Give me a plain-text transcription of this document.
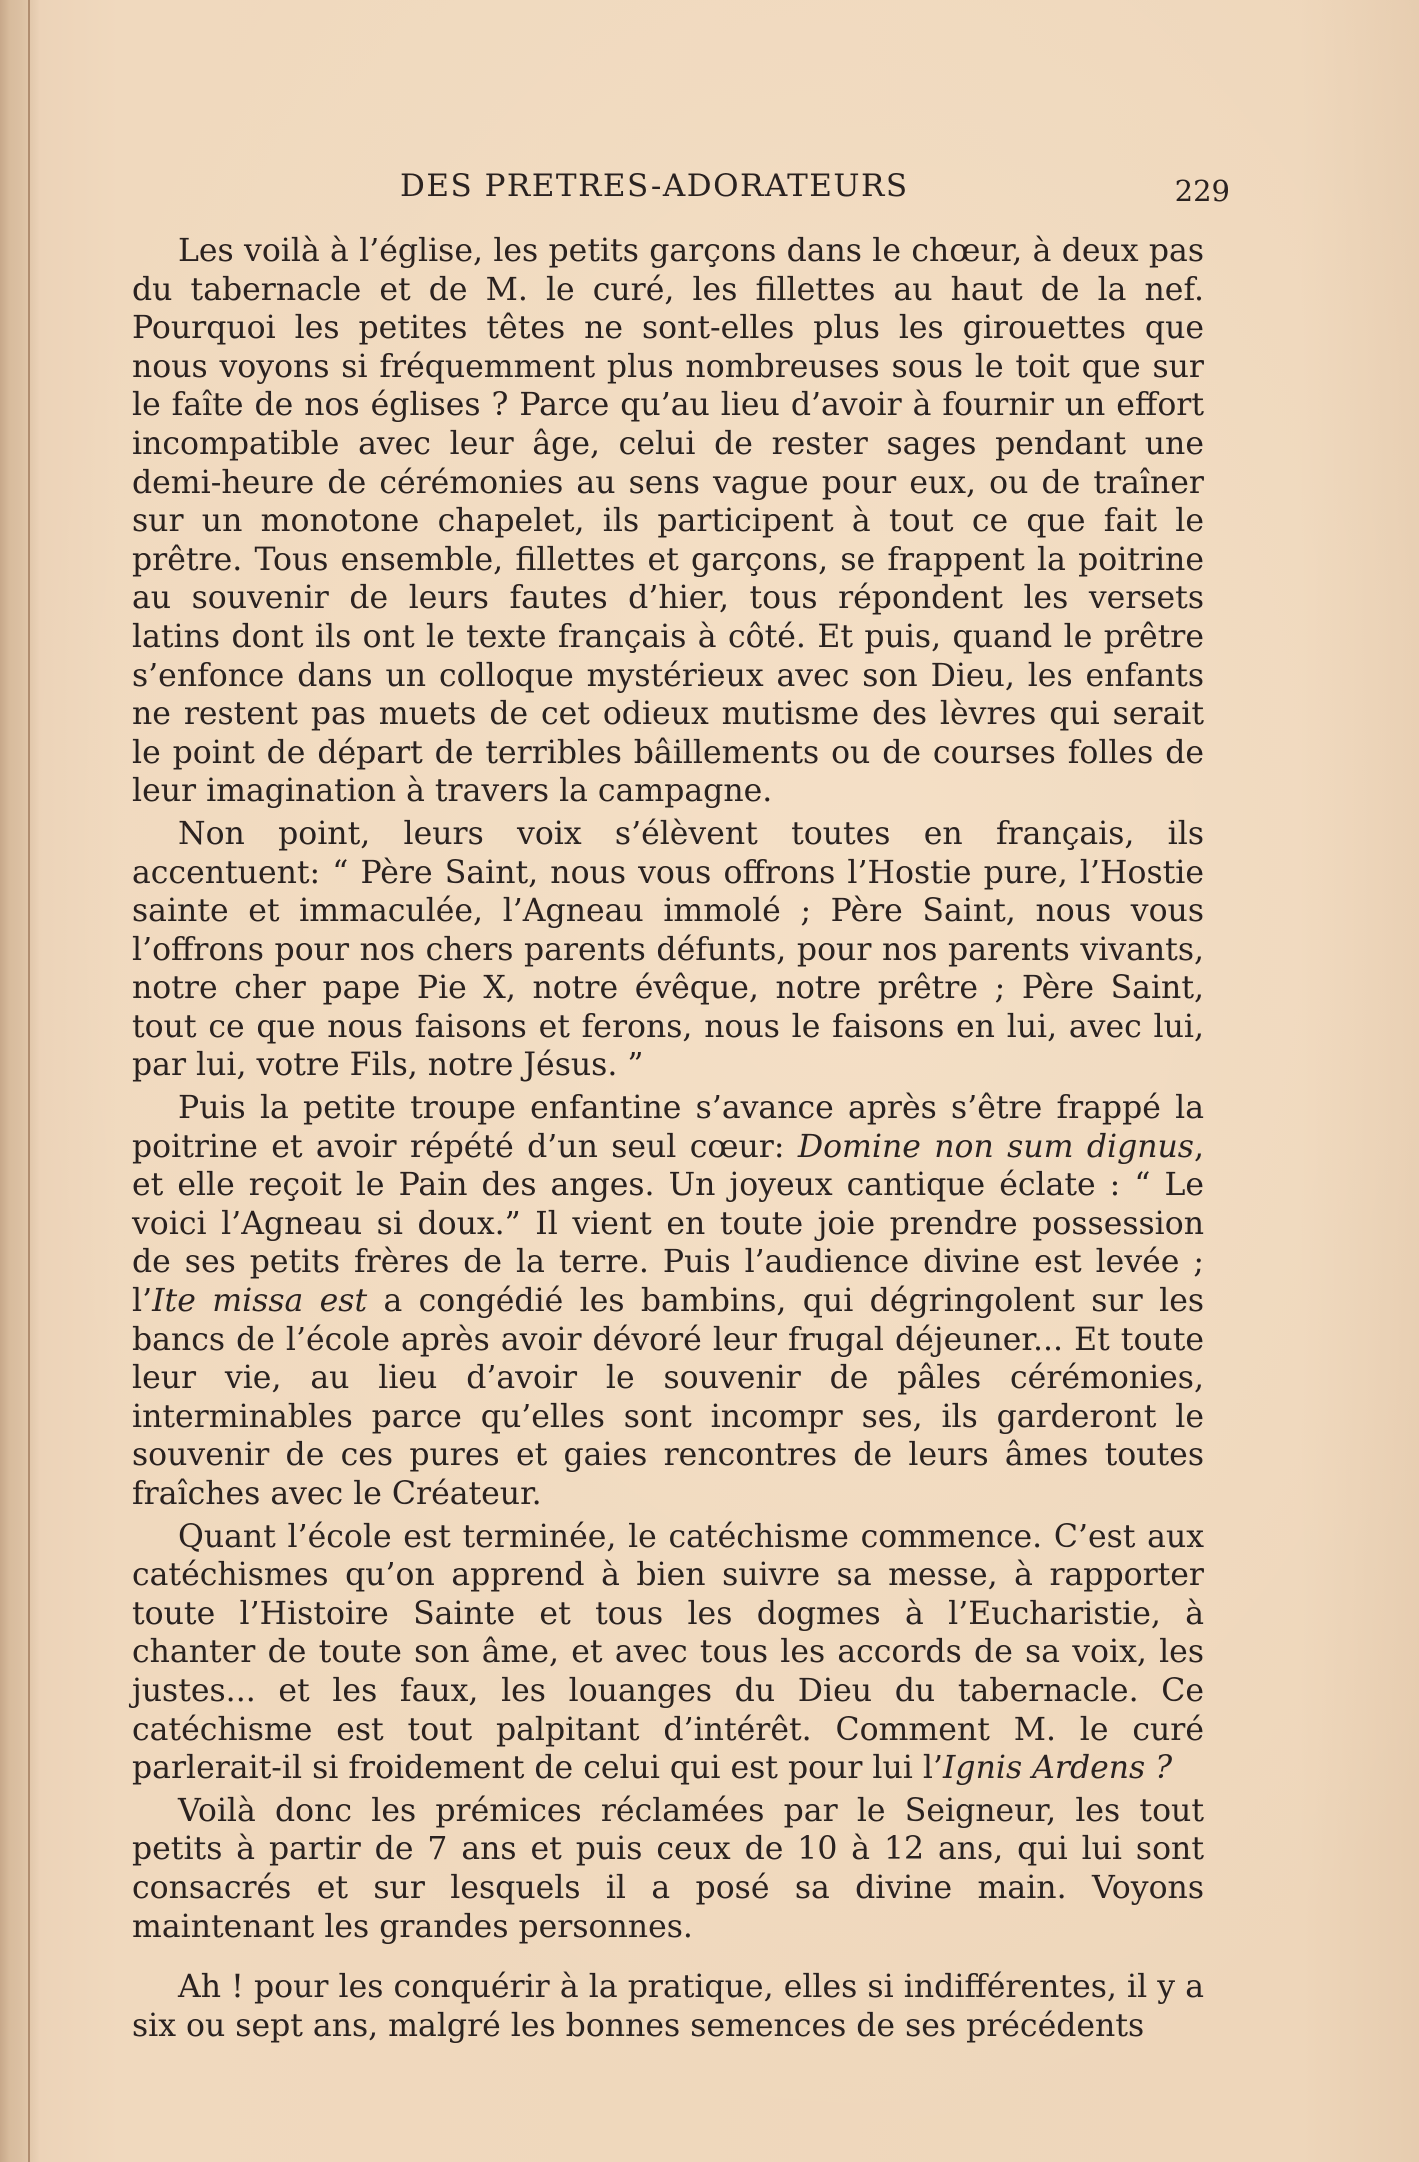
DES PRETRES-ADORATEURS	229

Les voilà à l’église, les petits garçons dans le chœur, à deux pas du tabernacle et de M. le curé, les fillettes au haut de la nef. Pourquoi les petites têtes ne sont-elles plus les girouettes que nous voyons si fréquemment plus nombreuses sous le toit que sur le faîte de nos églises ? Parce qu’au lieu d’avoir à fournir un effort incompatible avec leur âge, celui de rester sages pendant une demi-heure de cérémonies au sens vague pour eux, ou de traîner sur un monotone chapelet, ils participent à tout ce que fait le prêtre. Tous ensemble, fillettes et garçons, se frappent la poitrine au souvenir de leurs fautes d’hier, tous répondent les versets latins dont ils ont le texte français à côté. Et puis, quand le prêtre s’enfonce dans un colloque mystérieux avec son Dieu, les enfants ne restent pas muets de cet odieux mutisme des lèvres qui serait le point de départ de terribles bâillements ou de courses folles de leur imagination à travers la campagne.

Non point, leurs voix s’élèvent toutes en français, ils accentuent: “ Père Saint, nous vous offrons l’Hostie pure, l’Hostie sainte et immaculée, l’Agneau immolé ; Père Saint, nous vous l’offrons pour nos chers parents défunts, pour nos parents vivants, notre cher pape Pie X, notre évêque, notre prêtre ; Père Saint, tout ce que nous faisons et ferons, nous le faisons en lui, avec lui, par lui, votre Fils, notre Jésus. ”

Puis la petite troupe enfantine s’avance après s’être frappé la poitrine et avoir répété d’un seul cœur: Domine non sum dignus, et elle reçoit le Pain des anges. Un joyeux cantique éclate : “ Le voici l’Agneau si doux.” Il vient en toute joie prendre possession de ses petits frères de la terre. Puis l’audience divine est levée ; l’Ite missa est a congédié les bambins, qui dégringolent sur les bancs de l’école après avoir dévoré leur frugal déjeuner... Et toute leur vie, au lieu d’avoir le souvenir de pâles cérémonies, interminables parce qu’elles sont incompr ses, ils garderont le souvenir de ces pures et gaies rencontres de leurs âmes toutes fraîches avec le Créateur.

Quant l’école est terminée, le catéchisme commence. C’est aux catéchismes qu’on apprend à bien suivre sa messe, à rapporter toute l’Histoire Sainte et tous les dogmes à l’Eucharistie, à chanter de toute son âme, et avec tous les accords de sa voix, les justes... et les faux, les louanges du Dieu du tabernacle. Ce catéchisme est tout palpitant d’intérêt. Comment M. le curé parlerait-il si froidement de celui qui est pour lui l’Ignis Ardens ?

Voilà donc les prémices réclamées par le Seigneur, les tout petits à partir de 7 ans et puis ceux de 10 à 12 ans, qui lui sont consacrés et sur lesquels il a posé sa divine main. Voyons maintenant les grandes personnes.

Ah ! pour les conquérir à la pratique, elles si indifférentes, il y a six ou sept ans, malgré les bonnes semences de ses précédents
